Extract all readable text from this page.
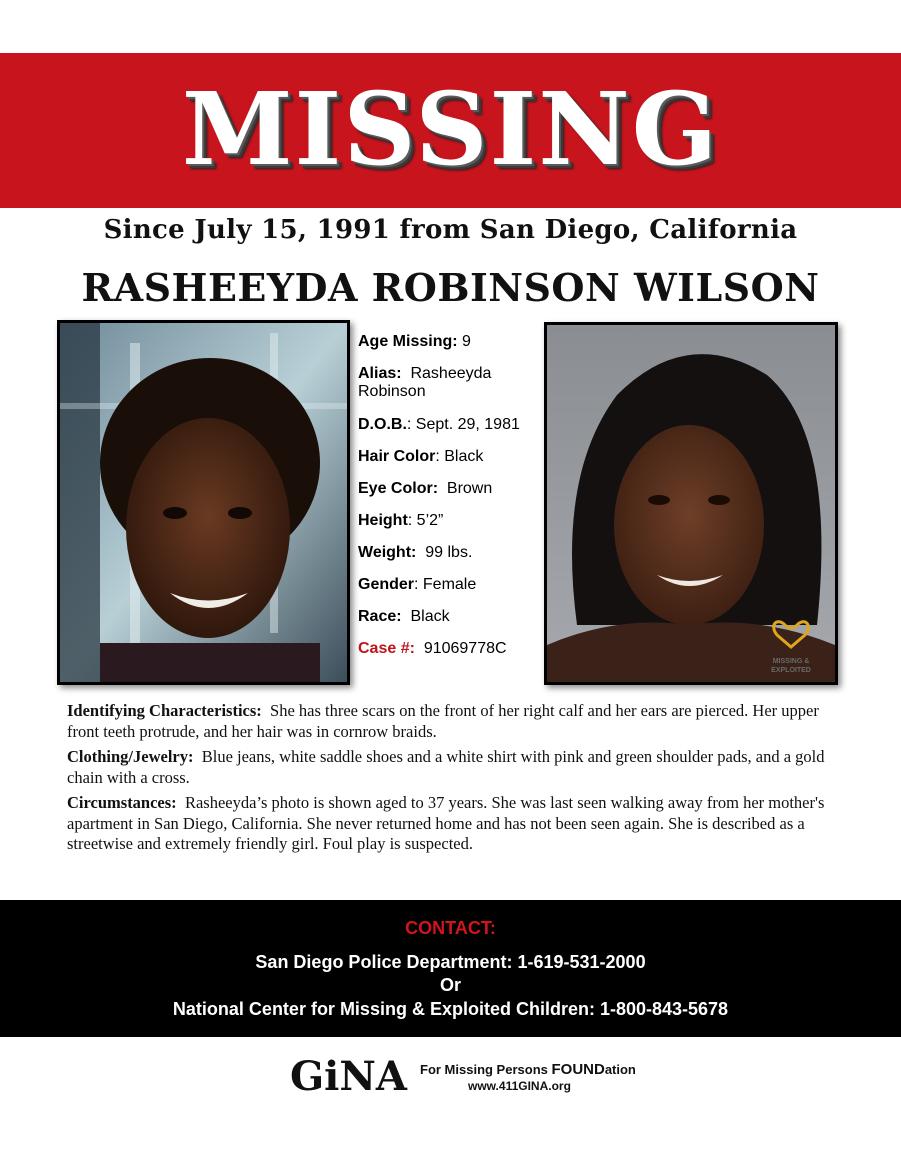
MISSING
Since July 15, 1991 from San Diego, California
RASHEEYDA ROBINSON WILSON
Age Missing: 9
Alias: Rasheeyda Robinson
D.O.B.: Sept. 29, 1981
Hair Color: Black
Eye Color: Brown
Height: 5’2”
Weight: 99 lbs.
Gender: Female
Race: Black
Case #: 91069778C
MISSING &
EXPLOITED

Identifying Characteristics: She has three scars on the front of her right calf and her ears are pierced. Her upper front teeth protrude, and her hair was in cornrow braids.

Clothing/Jewelry: Blue jeans, white saddle shoes and a white shirt with pink and green shoulder pads, and a gold chain with a cross.

Circumstances: Rasheeyda’s photo is shown aged to 37 years. She was last seen walking away from her mother's apartment in San Diego, California. She never returned home and has not been seen again. She is described as a streetwise and extremely friendly girl. Foul play is suspected.

CONTACT:
San Diego Police Department: 1-619-531-2000
Or
National Center for Missing & Exploited Children: 1-800-843-5678
GiNA For Missing Persons FOUNDation
www.411GINA.org
